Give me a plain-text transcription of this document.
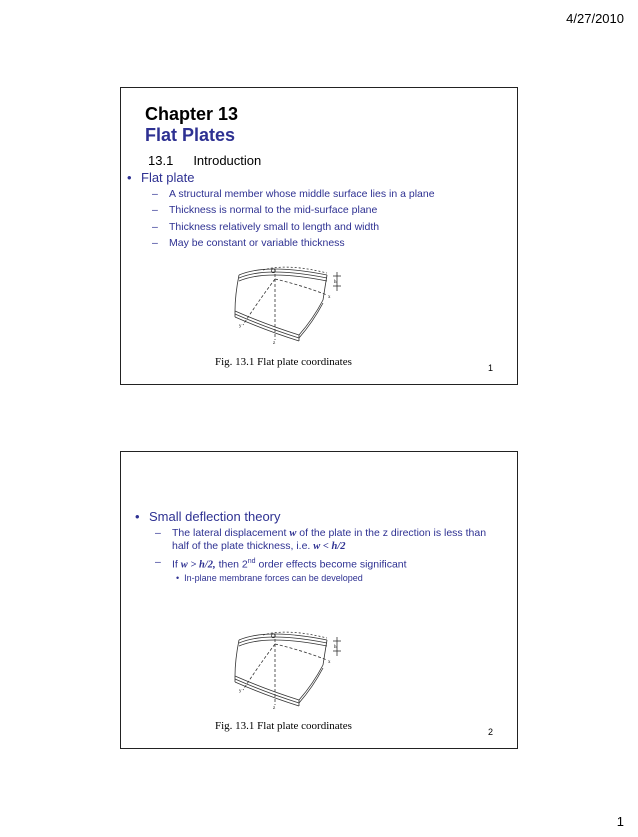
4/27/2010
Chapter 13
Flat Plates
13.1 Introduction
• Flat plate
– A structural member whose middle surface lies in a plane
– Thickness is normal to the mid-surface plane
– Thickness relatively small to length and width
– May be constant or variable thickness
O
h
x
y
z
Fig. 13.1 Flat plate coordinates	1
• Small deflection theory
– The lateral displacement w of the plate in the z direction is less than
half of the plate thickness, i.e. w < h/2
– If w > h/2, then 2nd order effects become significant
• In-plane membrane forces can be developed
O
h
x
y
z
Fig. 13.1 Flat plate coordinates	2
1
